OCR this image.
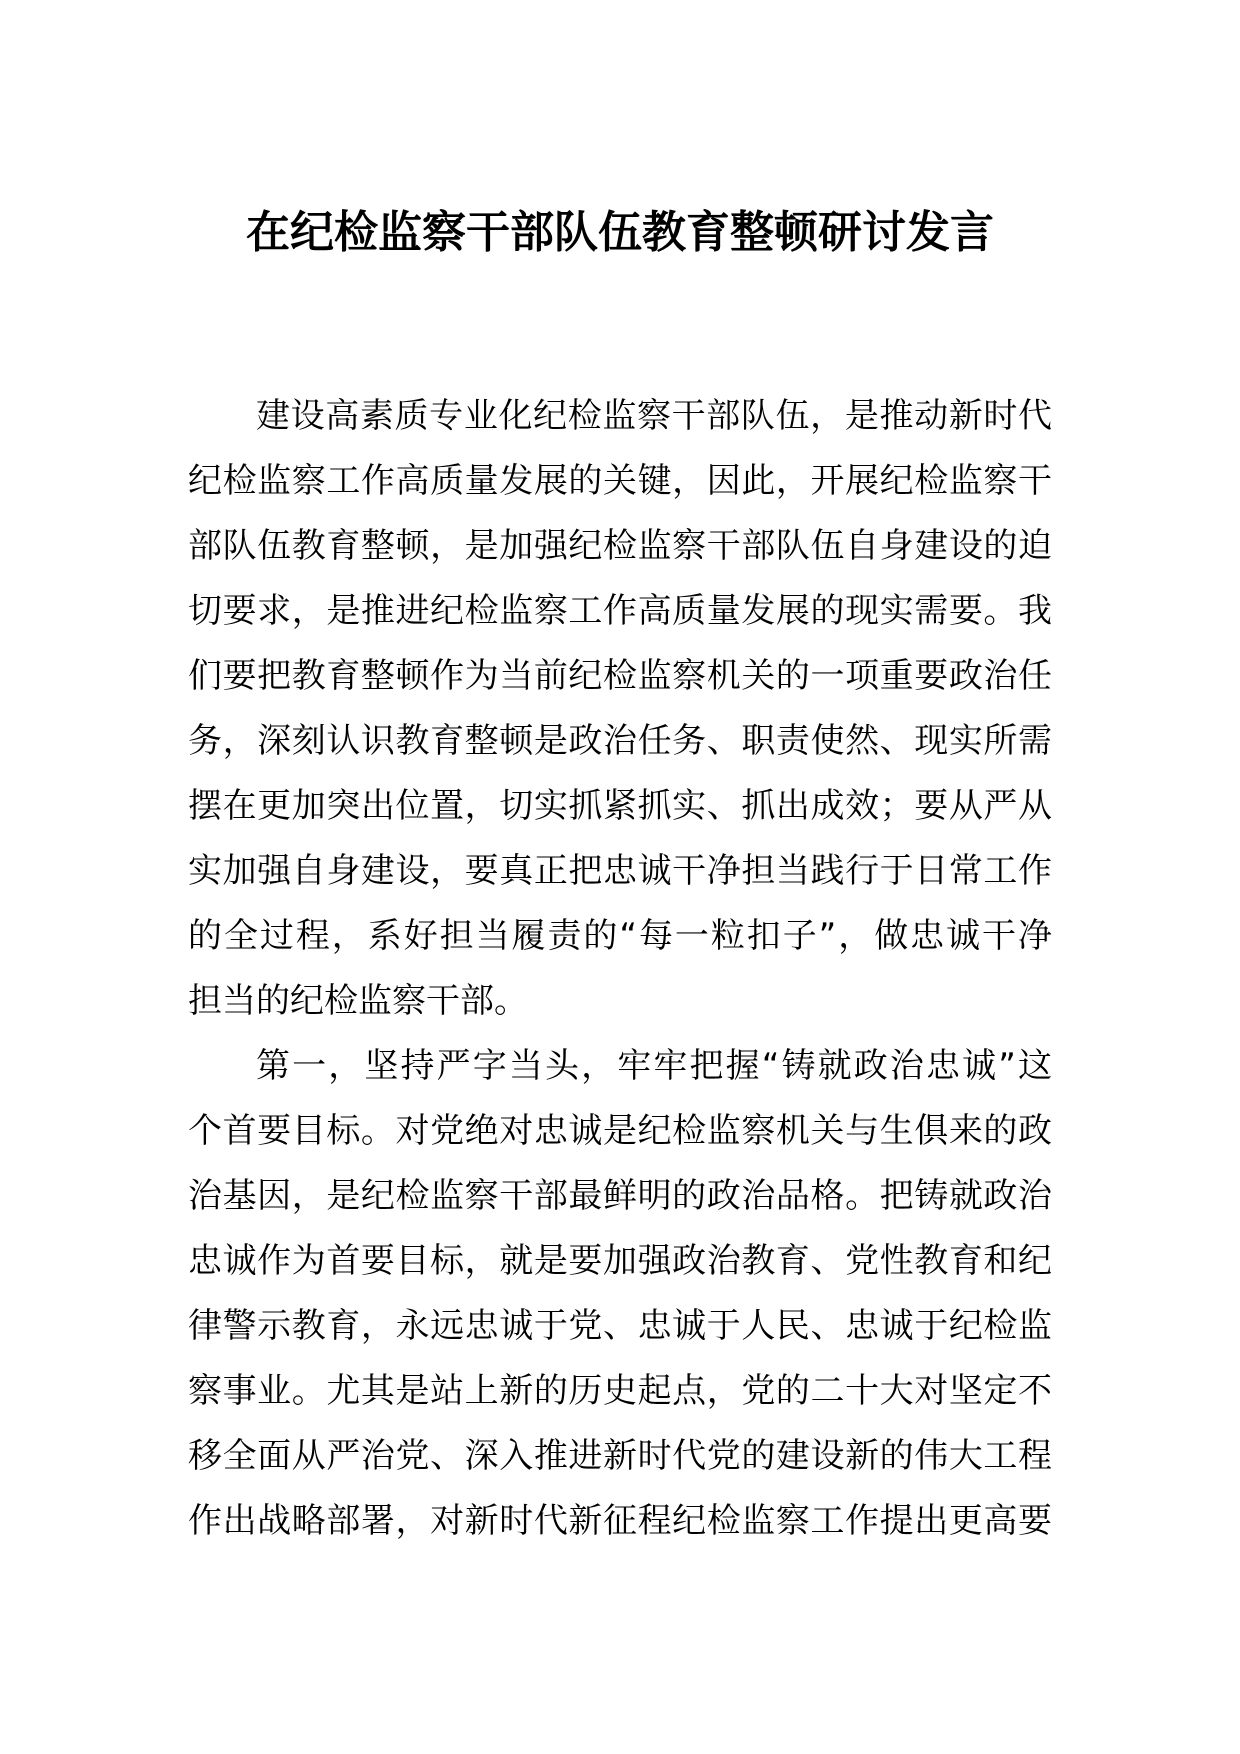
在纪检监察干部队伍教育整顿研讨发言
建设高素质专业化纪检监察干部队伍，是推动新时代
纪检监察工作高质量发展的关键，因此，开展纪检监察干
部队伍教育整顿，是加强纪检监察干部队伍自身建设的迫
切要求，是推进纪检监察工作高质量发展的现实需要。我
们要把教育整顿作为当前纪检监察机关的一项重要政治任
务，深刻认识教育整顿是政治任务、职责使然、现实所需
摆在更加突出位置，切实抓紧抓实、抓出成效；要从严从
实加强自身建设，要真正把忠诚干净担当践行于日常工作
的全过程，系好担当履责的“每一粒扣子”，做忠诚干净
担当的纪检监察干部。
第一，坚持严字当头，牢牢把握“铸就政治忠诚”这
个首要目标。对党绝对忠诚是纪检监察机关与生俱来的政
治基因，是纪检监察干部最鲜明的政治品格。把铸就政治
忠诚作为首要目标，就是要加强政治教育、党性教育和纪
律警示教育，永远忠诚于党、忠诚于人民、忠诚于纪检监
察事业。尤其是站上新的历史起点，党的二十大对坚定不
移全面从严治党、深入推进新时代党的建设新的伟大工程
作出战略部署，对新时代新征程纪检监察工作提出更高要
